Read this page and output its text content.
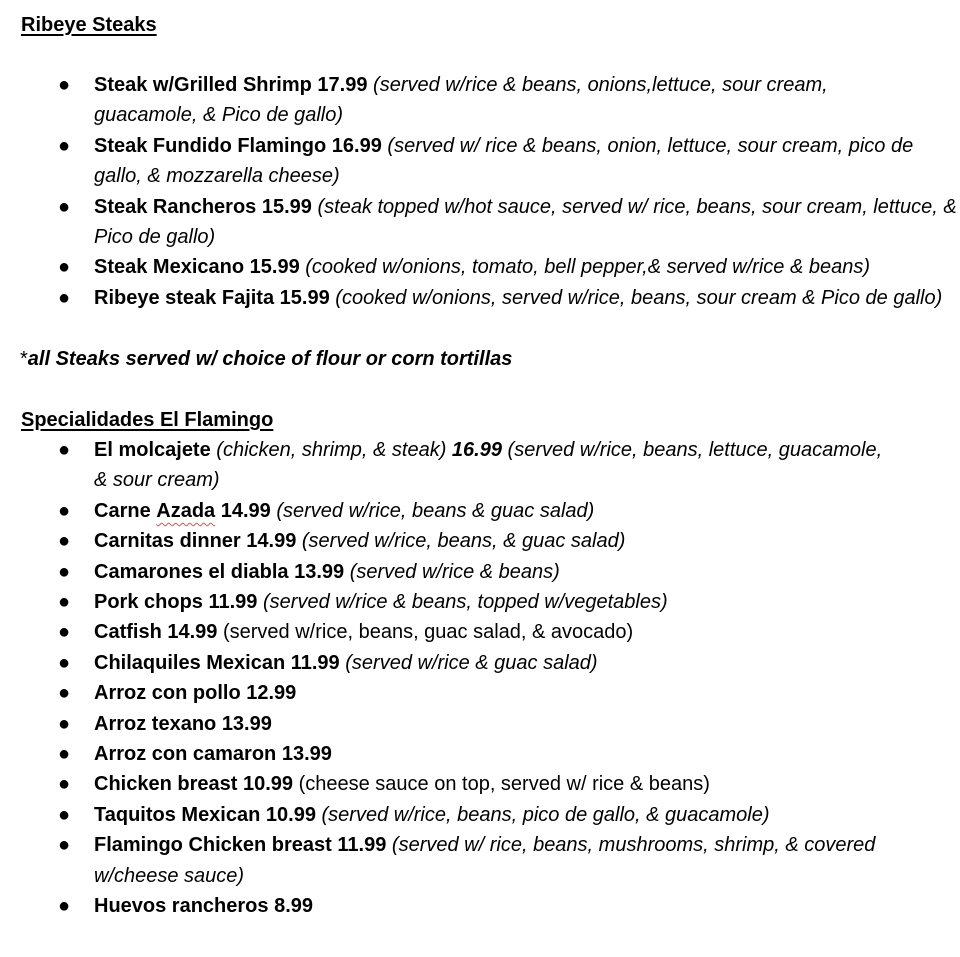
Ribeye Steaks
● Steak w/Grilled Shrimp 17.99 (served w/rice & beans, onions,lettuce, sour cream, guacamole, & Pico de gallo)
● Steak Fundido Flamingo 16.99 (served w/ rice & beans, onion, lettuce, sour cream, pico de gallo, & mozzarella cheese)
● Steak Rancheros 15.99 (steak topped w/hot sauce, served w/ rice, beans, sour cream, lettuce, & Pico de gallo)
● Steak Mexicano 15.99 (cooked w/onions, tomato, bell pepper,& served w/rice & beans)
● Ribeye steak Fajita 15.99 (cooked w/onions, served w/rice, beans, sour cream & Pico de gallo)
*all Steaks served w/ choice of flour or corn tortillas
Specialidades El Flamingo
● El molcajete (chicken, shrimp, & steak) 16.99 (served w/rice, beans, lettuce, guacamole, & sour cream)
● Carne Azada 14.99 (served w/rice, beans & guac salad)
● Carnitas dinner 14.99 (served w/rice, beans, & guac salad)
● Camarones el diabla 13.99 (served w/rice & beans)
● Pork chops 11.99 (served w/rice & beans, topped w/vegetables)
● Catfish 14.99 (served w/rice, beans, guac salad, & avocado)
● Chilaquiles Mexican 11.99 (served w/rice & guac salad)
● Arroz con pollo 12.99
● Arroz texano 13.99
● Arroz con camaron 13.99
● Chicken breast 10.99 (cheese sauce on top, served w/ rice & beans)
● Taquitos Mexican 10.99 (served w/rice, beans, pico de gallo, & guacamole)
● Flamingo Chicken breast 11.99 (served w/ rice, beans, mushrooms, shrimp, & covered
w/cheese sauce)
● Huevos rancheros 8.99
